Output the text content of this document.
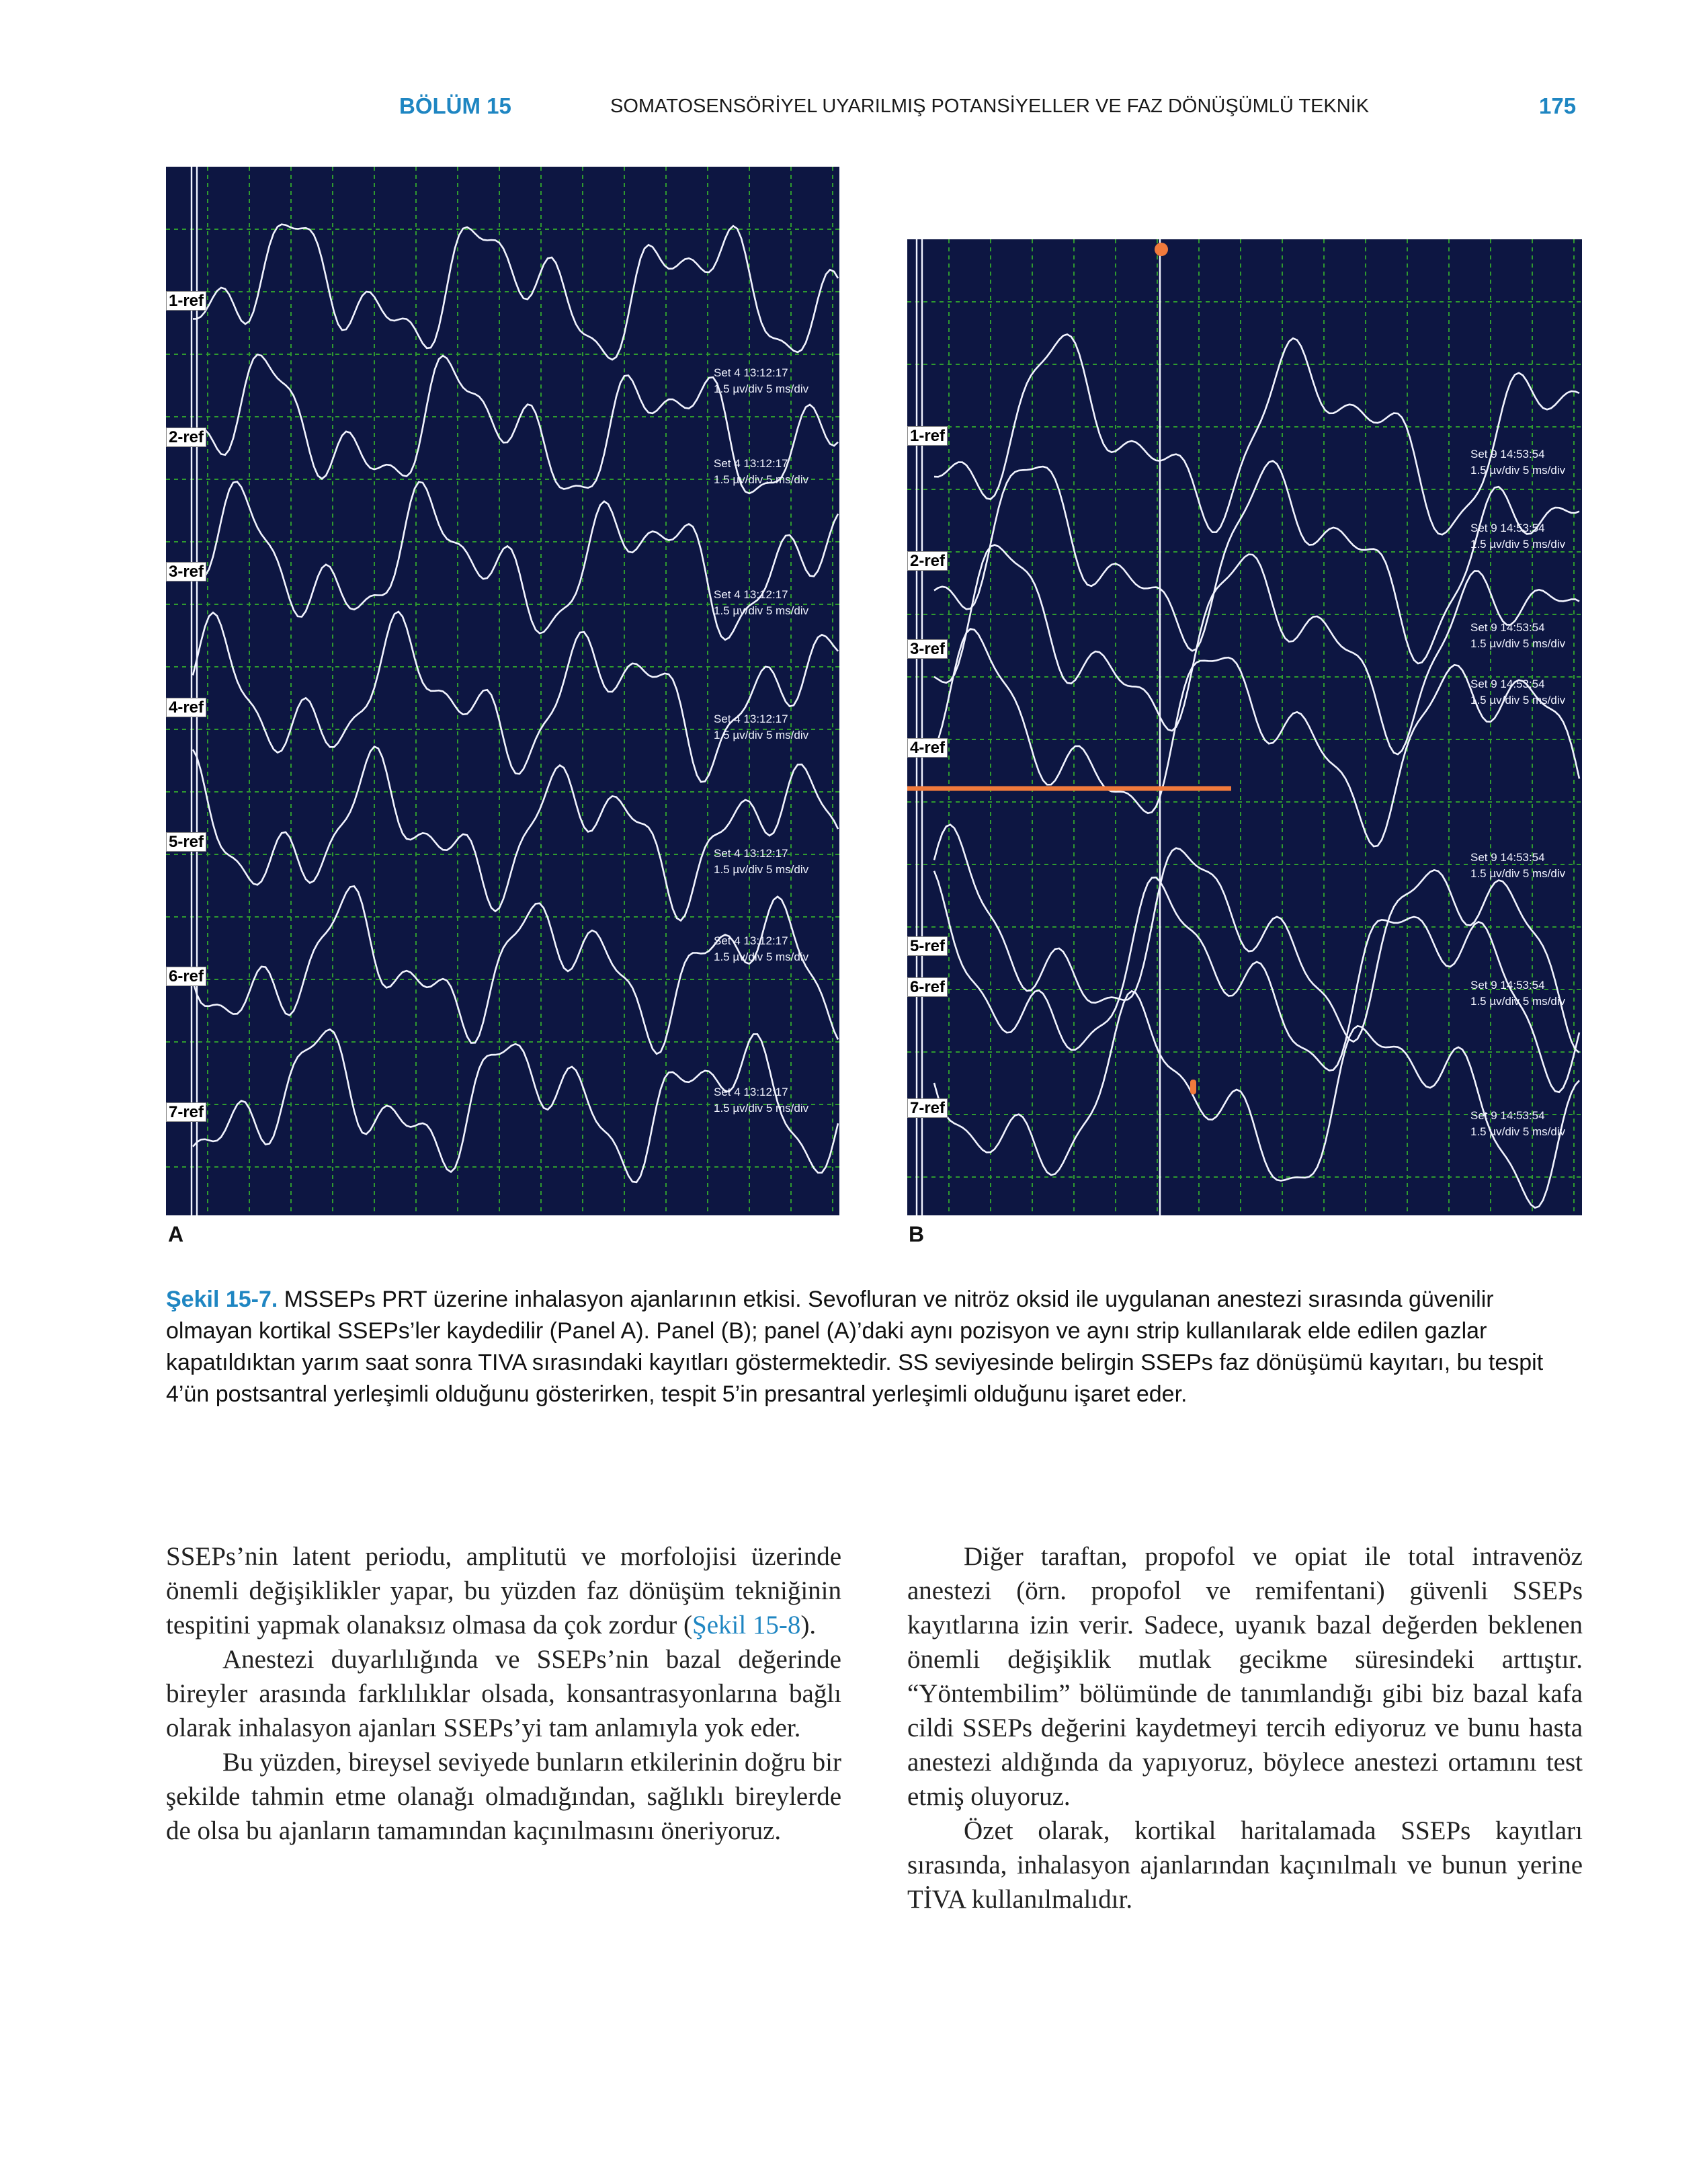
BÖLÜM 15	SOMATOSENSÖRİYEL UYARILMIŞ POTANSİYELLER VE FAZ DÖNÜŞÜMLÜ TEKNİK	175
1-ref
2-ref
3-ref
4-ref
5-ref
6-ref
7-ref
Set 4 13:12:17
1.5 µv/div 5 ms/div
Set 4 13:12:17
1.5 µv/div 5 ms/div
Set 4 13:12:17
1.5 µv/div 5 ms/div
Set 4 13:12:17
1.5 µv/div 5 ms/div
Set 4 13:12:17
1.5 µv/div 5 ms/div
Set 4 13:12:17
1.5 µv/div 5 ms/div
Set 4 13:12:17
1.5 µv/div 5 ms/div
A
1-ref
2-ref
3-ref
4-ref
5-ref
6-ref
7-ref
Set 9 14:53:54
1.5 µv/div 5 ms/div
Set 9 14:53:54
1.5 µv/div 5 ms/div
Set 9 14:53:54
1.5 µv/div 5 ms/div
Set 9 14:53:54
1.5 µv/div 5 ms/div
Set 9 14:53:54
1.5 µv/div 5 ms/div
Set 9 14:53:54
1.5 µv/div 5 ms/div
Set 9 14:53:54
1.5 µv/div 5 ms/div
B
Şekil 15-7. MSSEPs PRT üzerine inhalasyon ajanlarının etkisi. Sevofluran ve nitröz oksid ile uygulanan anestezi sırasında güvenilir olmayan kortikal SSEPs’ler kaydedilir (Panel A). Panel (B); panel (A)’daki aynı pozisyon ve aynı strip kullanılarak elde edilen gazlar kapatıldıktan yarım saat sonra TIVA sırasındaki kayıtları göstermektedir. SS seviyesinde belirgin SSEPs faz dönüşümü kayıtarı, bu tespit 4’ün postsantral yerleşimli olduğunu gösterirken, tespit 5’in presantral yerleşimli olduğunu işaret eder.

SSEPs’nin latent periodu, amplitutü ve morfolojisi üzerinde önemli değişiklikler yapar, bu yüzden faz dönüşüm tekniğinin tespitini yapmak olanaksız olmasa da çok zordur (Şekil 15-8).

Anestezi duyarlılığında ve SSEPs’nin bazal değerinde bireyler arasında farklılıklar olsada, konsantrasyonlarına bağlı olarak inhalasyon ajanları SSEPs’yi tam anlamıyla yok eder.

Bu yüzden, bireysel seviyede bunların etkilerinin doğru bir şekilde tahmin etme olanağı olmadığından, sağlıklı bireylerde de olsa bu ajanların tamamından kaçınılmasını öneriyoruz.

Diğer taraftan, propofol ve opiat ile total intravenöz anestezi (örn. propofol ve remifentani) güvenli SSEPs kayıtlarına izin verir. Sadece, uyanık bazal değerden beklenen önemli değişiklik mutlak gecikme süresindeki arttıştır. “Yöntembilim” bölümünde de tanımlandığı gibi biz bazal kafa cildi SSEPs değerini kaydetmeyi tercih ediyoruz ve bunu hasta anestezi aldığında da yapıyoruz, böylece anestezi ortamını test etmiş oluyoruz.

Özet olarak, kortikal haritalamada SSEPs kayıtları sırasında, inhalasyon ajanlarından kaçınılmalı ve bunun yerine TİVA kullanılmalıdır.
